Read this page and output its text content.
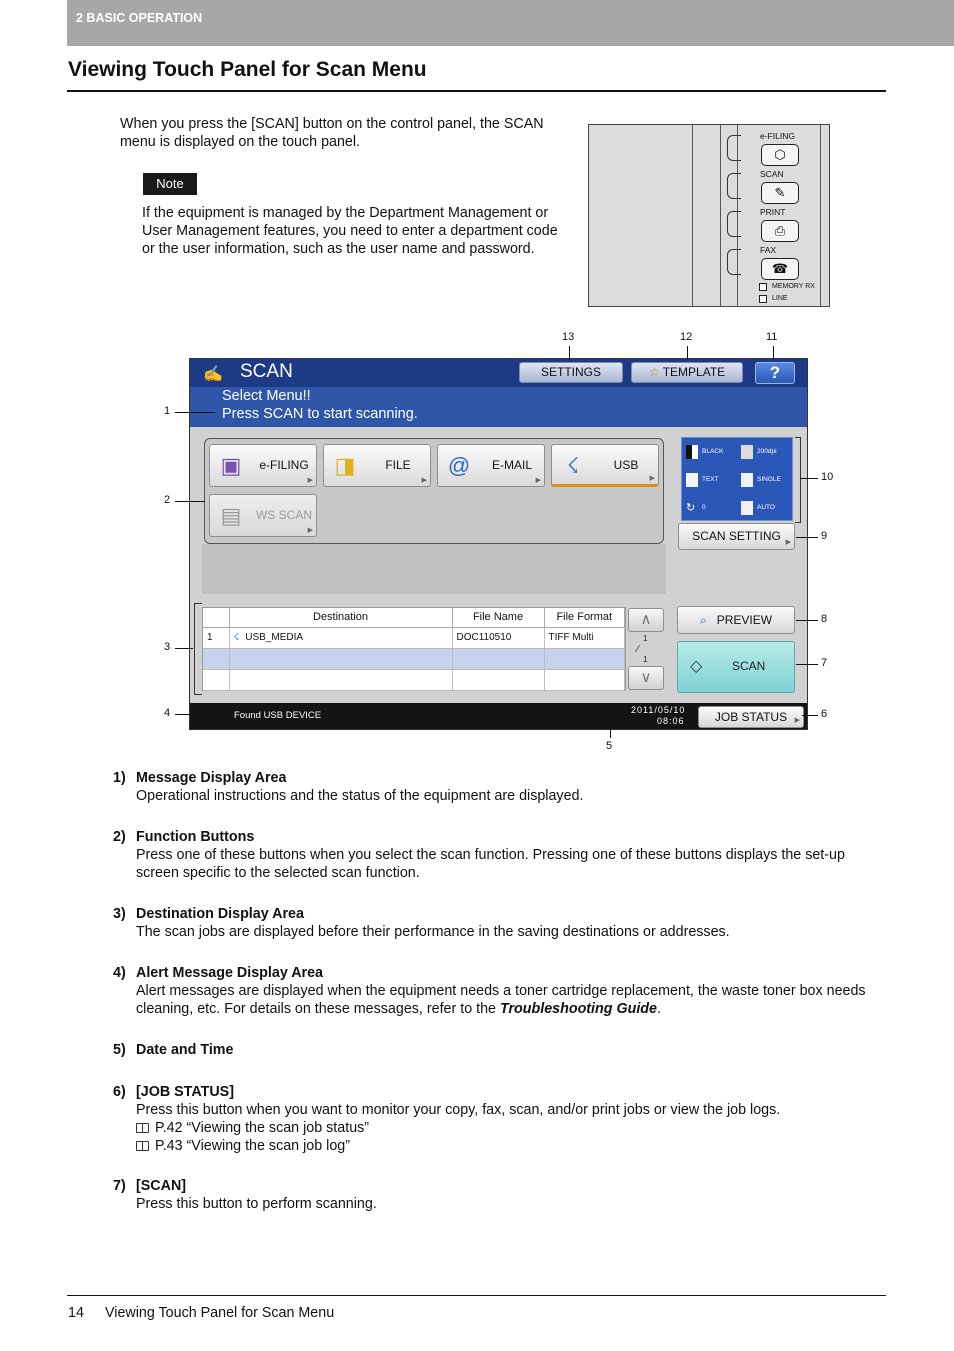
2 BASIC OPERATION
Viewing Touch Panel for Scan Menu
When you press the [SCAN] button on the control panel, the SCAN menu is displayed on the touch panel.
Note
If the equipment is managed by the Department Management or User Management features, you need to enter a department code or the user information, such as the user name and password.
e-FILING
⬡
SCAN
✎
PRINT
⎙
FAX
☎
MEMORY RX
LINE
✍ SCAN	SETTINGS	☆ TEMPLATE	?
Select Menu!!
Press SCAN to start scanning.
▣	e-FILING
▶
◨	FILE
▶
@	E-MAIL
▶
☇	USB
▶
▤	WS SCAN
▶
BLACK	200dpi
TEXT	SINGLE
↻ 0	AUTO
SCAN SETTING ▶
	Destination	File Name	File Format
1	☇ USB_MEDIA	DOC110510	TIFF Multi

∧
1
∕
1
∨
⌕ PREVIEW
◇ SCAN
Found USB DEVICE	2011/05/10
08:06	JOB STATUS ▶
13	12	11
1
2
3
4
10
9
8
7
6
5
1) Message Display Area
Operational instructions and the status of the equipment are displayed.
2) Function Buttons
Press one of these buttons when you select the scan function. Pressing one of these buttons displays the set-up screen specific to the selected scan function.
3) Destination Display Area
The scan jobs are displayed before their performance in the saving destinations or addresses.
4) Alert Message Display Area
Alert messages are displayed when the equipment needs a toner cartridge replacement, the waste toner box needs cleaning, etc. For details on these messages, refer to the Troubleshooting Guide.
5) Date and Time
6) [JOB STATUS]
Press this button when you want to monitor your copy, fax, scan, and/or print jobs or view the job logs.
P.42 “Viewing the scan job status”
P.43 “Viewing the scan job log”
7) [SCAN]
Press this button to perform scanning.
14 Viewing Touch Panel for Scan Menu
